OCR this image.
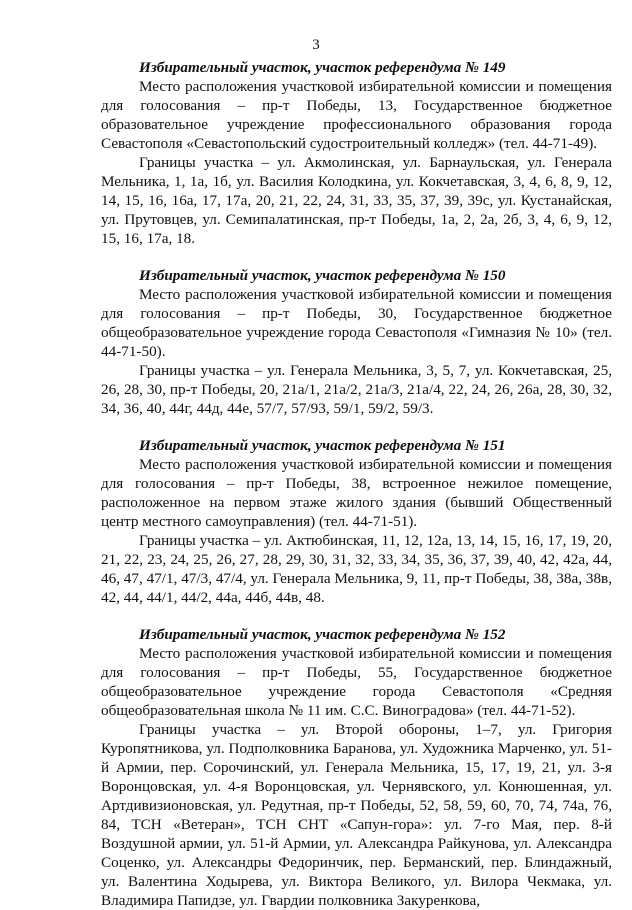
3

Избирательный участок, участок референдума № 149

Место расположения участковой избирательной комиссии и помещения для голосования – пр-т Победы, 13, Государственное бюджетное образовательное учреждение профессионального образования города Севастополя «Севастопольский судостроительный колледж» (тел. 44-71-49).

Границы участка – ул. Акмолинская, ул. Барнаульская, ул. Генерала Мельника, 1, 1а, 1б, ул. Василия Колодкина, ул. Кокчетавская, 3, 4, 6, 8, 9, 12, 14, 15, 16, 16а, 17, 17а, 20, 21, 22, 24, 31, 33, 35, 37, 39, 39с, ул. Кустанайская, ул. Прутовцев, ул. Семипалатинская, пр-т Победы, 1а, 2, 2а, 2б, 3, 4, 6, 9, 12, 15, 16, 17а, 18.

Избирательный участок, участок референдума № 150

Место расположения участковой избирательной комиссии и помещения для голосования – пр-т Победы, 30, Государственное бюджетное общеобразовательное учреждение города Севастополя «Гимназия № 10» (тел. 44-71-50).

Границы участка – ул. Генерала Мельника, 3, 5, 7, ул. Кокчетавская, 25, 26, 28, 30, пр-т Победы, 20, 21а/1, 21а/2, 21а/3, 21а/4, 22, 24, 26, 26а, 28, 30, 32, 34, 36, 40, 44г, 44д, 44е, 57/7, 57/93, 59/1, 59/2, 59/3.

Избирательный участок, участок референдума № 151

Место расположения участковой избирательной комиссии и помещения для голосования – пр-т Победы, 38, встроенное нежилое помещение, расположенное на первом этаже жилого здания (бывший Общественный центр местного самоуправления) (тел. 44-71-51).

Границы участка – ул. Актюбинская, 11, 12, 12а, 13, 14, 15, 16, 17, 19, 20, 21, 22, 23, 24, 25, 26, 27, 28, 29, 30, 31, 32, 33, 34, 35, 36, 37, 39, 40, 42, 42а, 44, 46, 47, 47/1, 47/3, 47/4, ул. Генерала Мельника, 9, 11, пр-т Победы, 38, 38а, 38в, 42, 44, 44/1, 44/2, 44а, 44б, 44в, 48.

Избирательный участок, участок референдума № 152

Место расположения участковой избирательной комиссии и помещения для голосования – пр-т Победы, 55, Государственное бюджетное общеобразовательное учреждение города Севастополя «Средняя общеобразовательная школа № 11 им. С.С. Виноградова» (тел. 44-71-52).

Границы участка – ул. Второй обороны, 1–7, ул. Григория Куропятникова, ул. Подполковника Баранова, ул. Художника Марченко, ул. 51-й Армии, пер. Сорочинский, ул. Генерала Мельника, 15, 17, 19, 21, ул. 3-я Воронцовская, ул. 4-я Воронцовская, ул. Чернявского, ул. Конюшенная, ул. Артдивизионовская, ул. Редутная, пр-т Победы, 52, 58, 59, 60, 70, 74, 74а, 76, 84, ТСН «Ветеран», ТСН СНТ «Сапун-гора»: ул. 7-го Мая, пер. 8-й Воздушной армии, ул. 51-й Армии, ул. Александра Райкунова, ул. Александра Соценко, ул. Александры Федоринчик, пер. Берманский, пер. Блиндажный, ул. Валентина Ходырева, ул. Виктора Великого, ул. Вилора Чекмака, ул. Владимира Папидзе, ул. Гвардии полковника Закуренкова,
